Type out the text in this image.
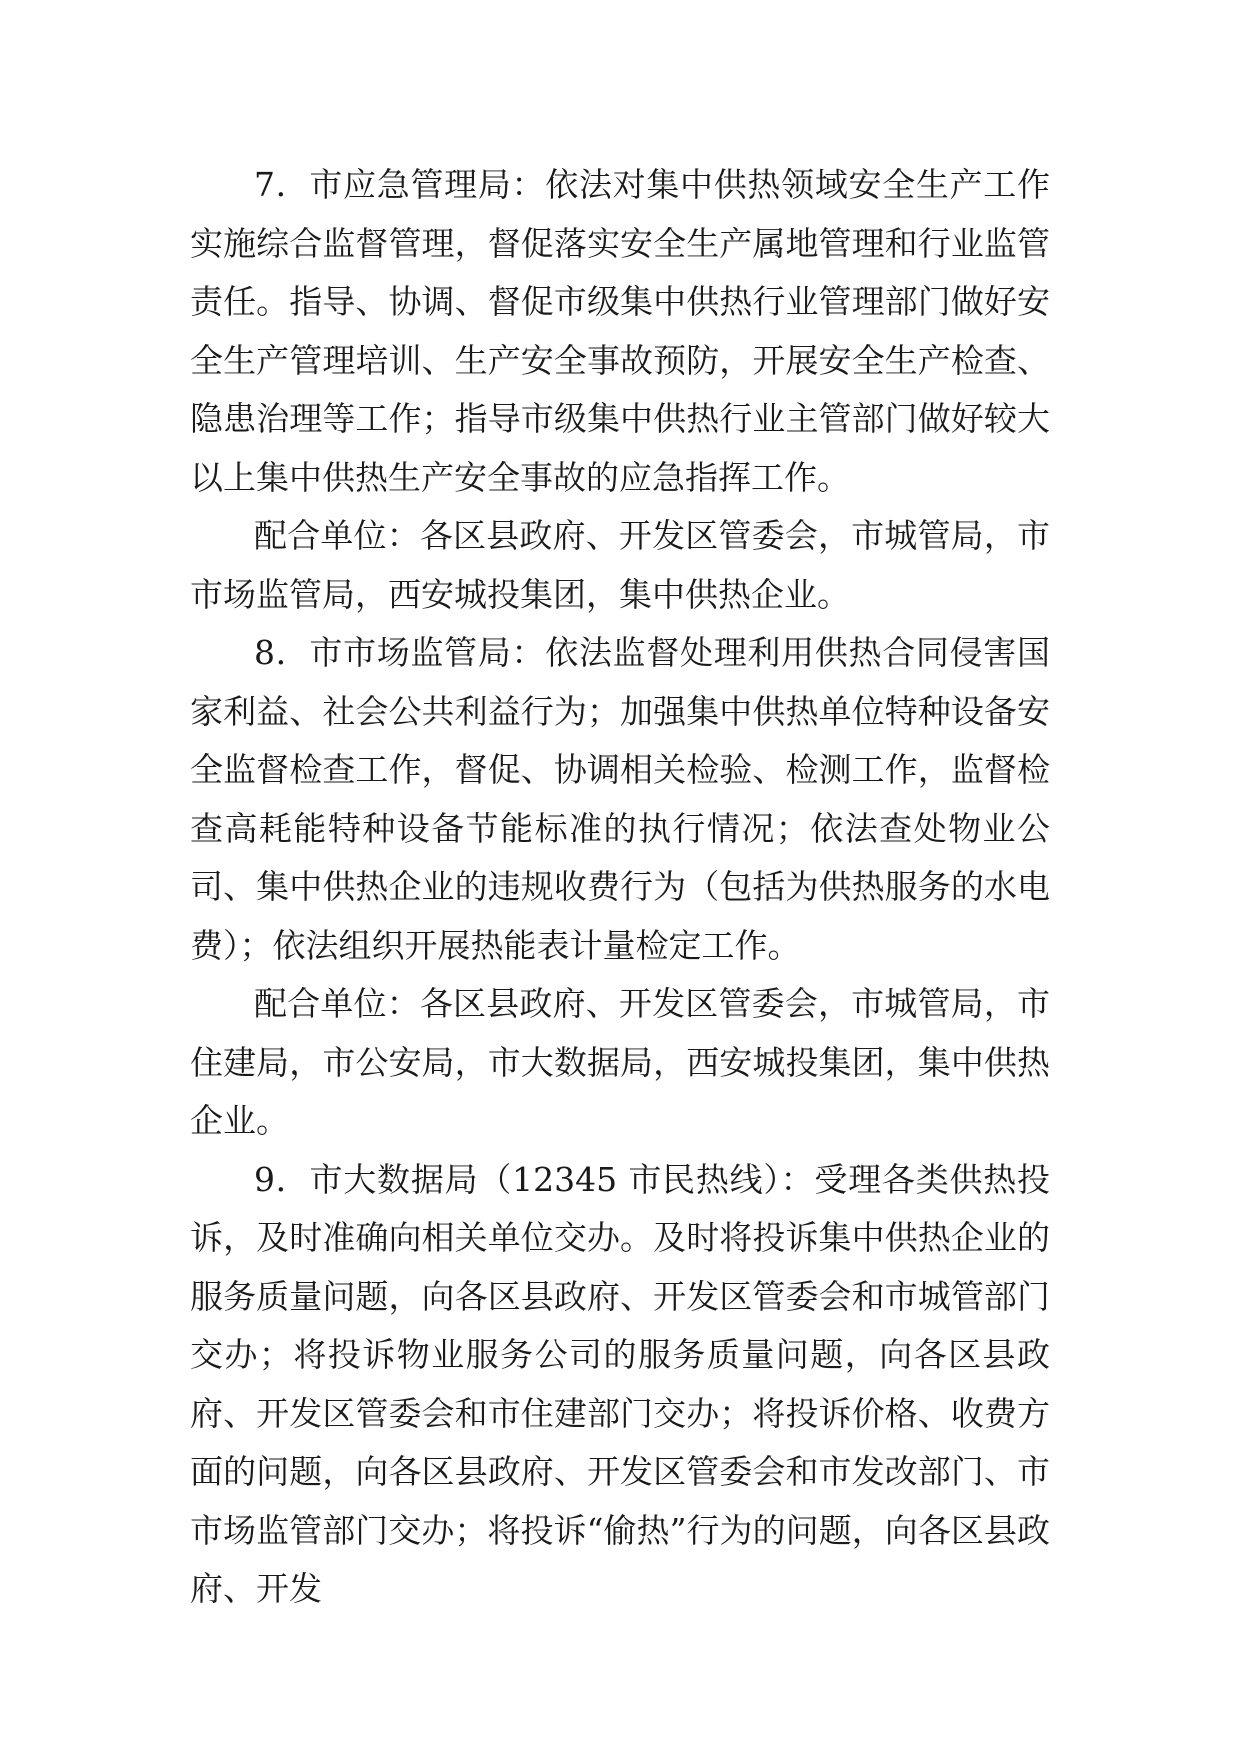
7．市应急管理局：依法对集中供热领域安全生产工作实施综合监督管理，督促落实安全生产属地管理和行业监管责任。指导、协调、督促市级集中供热行业管理部门做好安全生产管理培训、生产安全事故预防，开展安全生产检查、隐患治理等工作；指导市级集中供热行业主管部门做好较大以上集中供热生产安全事故的应急指挥工作。

配合单位：各区县政府、开发区管委会，市城管局，市市场监管局，西安城投集团，集中供热企业。

8．市市场监管局：依法监督处理利用供热合同侵害国家利益、社会公共利益行为；加强集中供热单位特种设备安全监督检查工作，督促、协调相关检验、检测工作，监督检查高耗能特种设备节能标准的执行情况；依法查处物业公司、集中供热企业的违规收费行为（包括为供热服务的水电费）；依法组织开展热能表计量检定工作。

配合单位：各区县政府、开发区管委会，市城管局，市住建局，市公安局，市大数据局，西安城投集团，集中供热企业。

9．市大数据局（12345 市民热线）：受理各类供热投诉，及时准确向相关单位交办。及时将投诉集中供热企业的服务质量问题，向各区县政府、开发区管委会和市城管部门交办；将投诉物业服务公司的服务质量问题，向各区县政府、开发区管委会和市住建部门交办；将投诉价格、收费方面的问题，向各区县政府、开发区管委会和市发改部门、市市场监管部门交办；将投诉“偷热”行为的问题，向各区县政府、开发
